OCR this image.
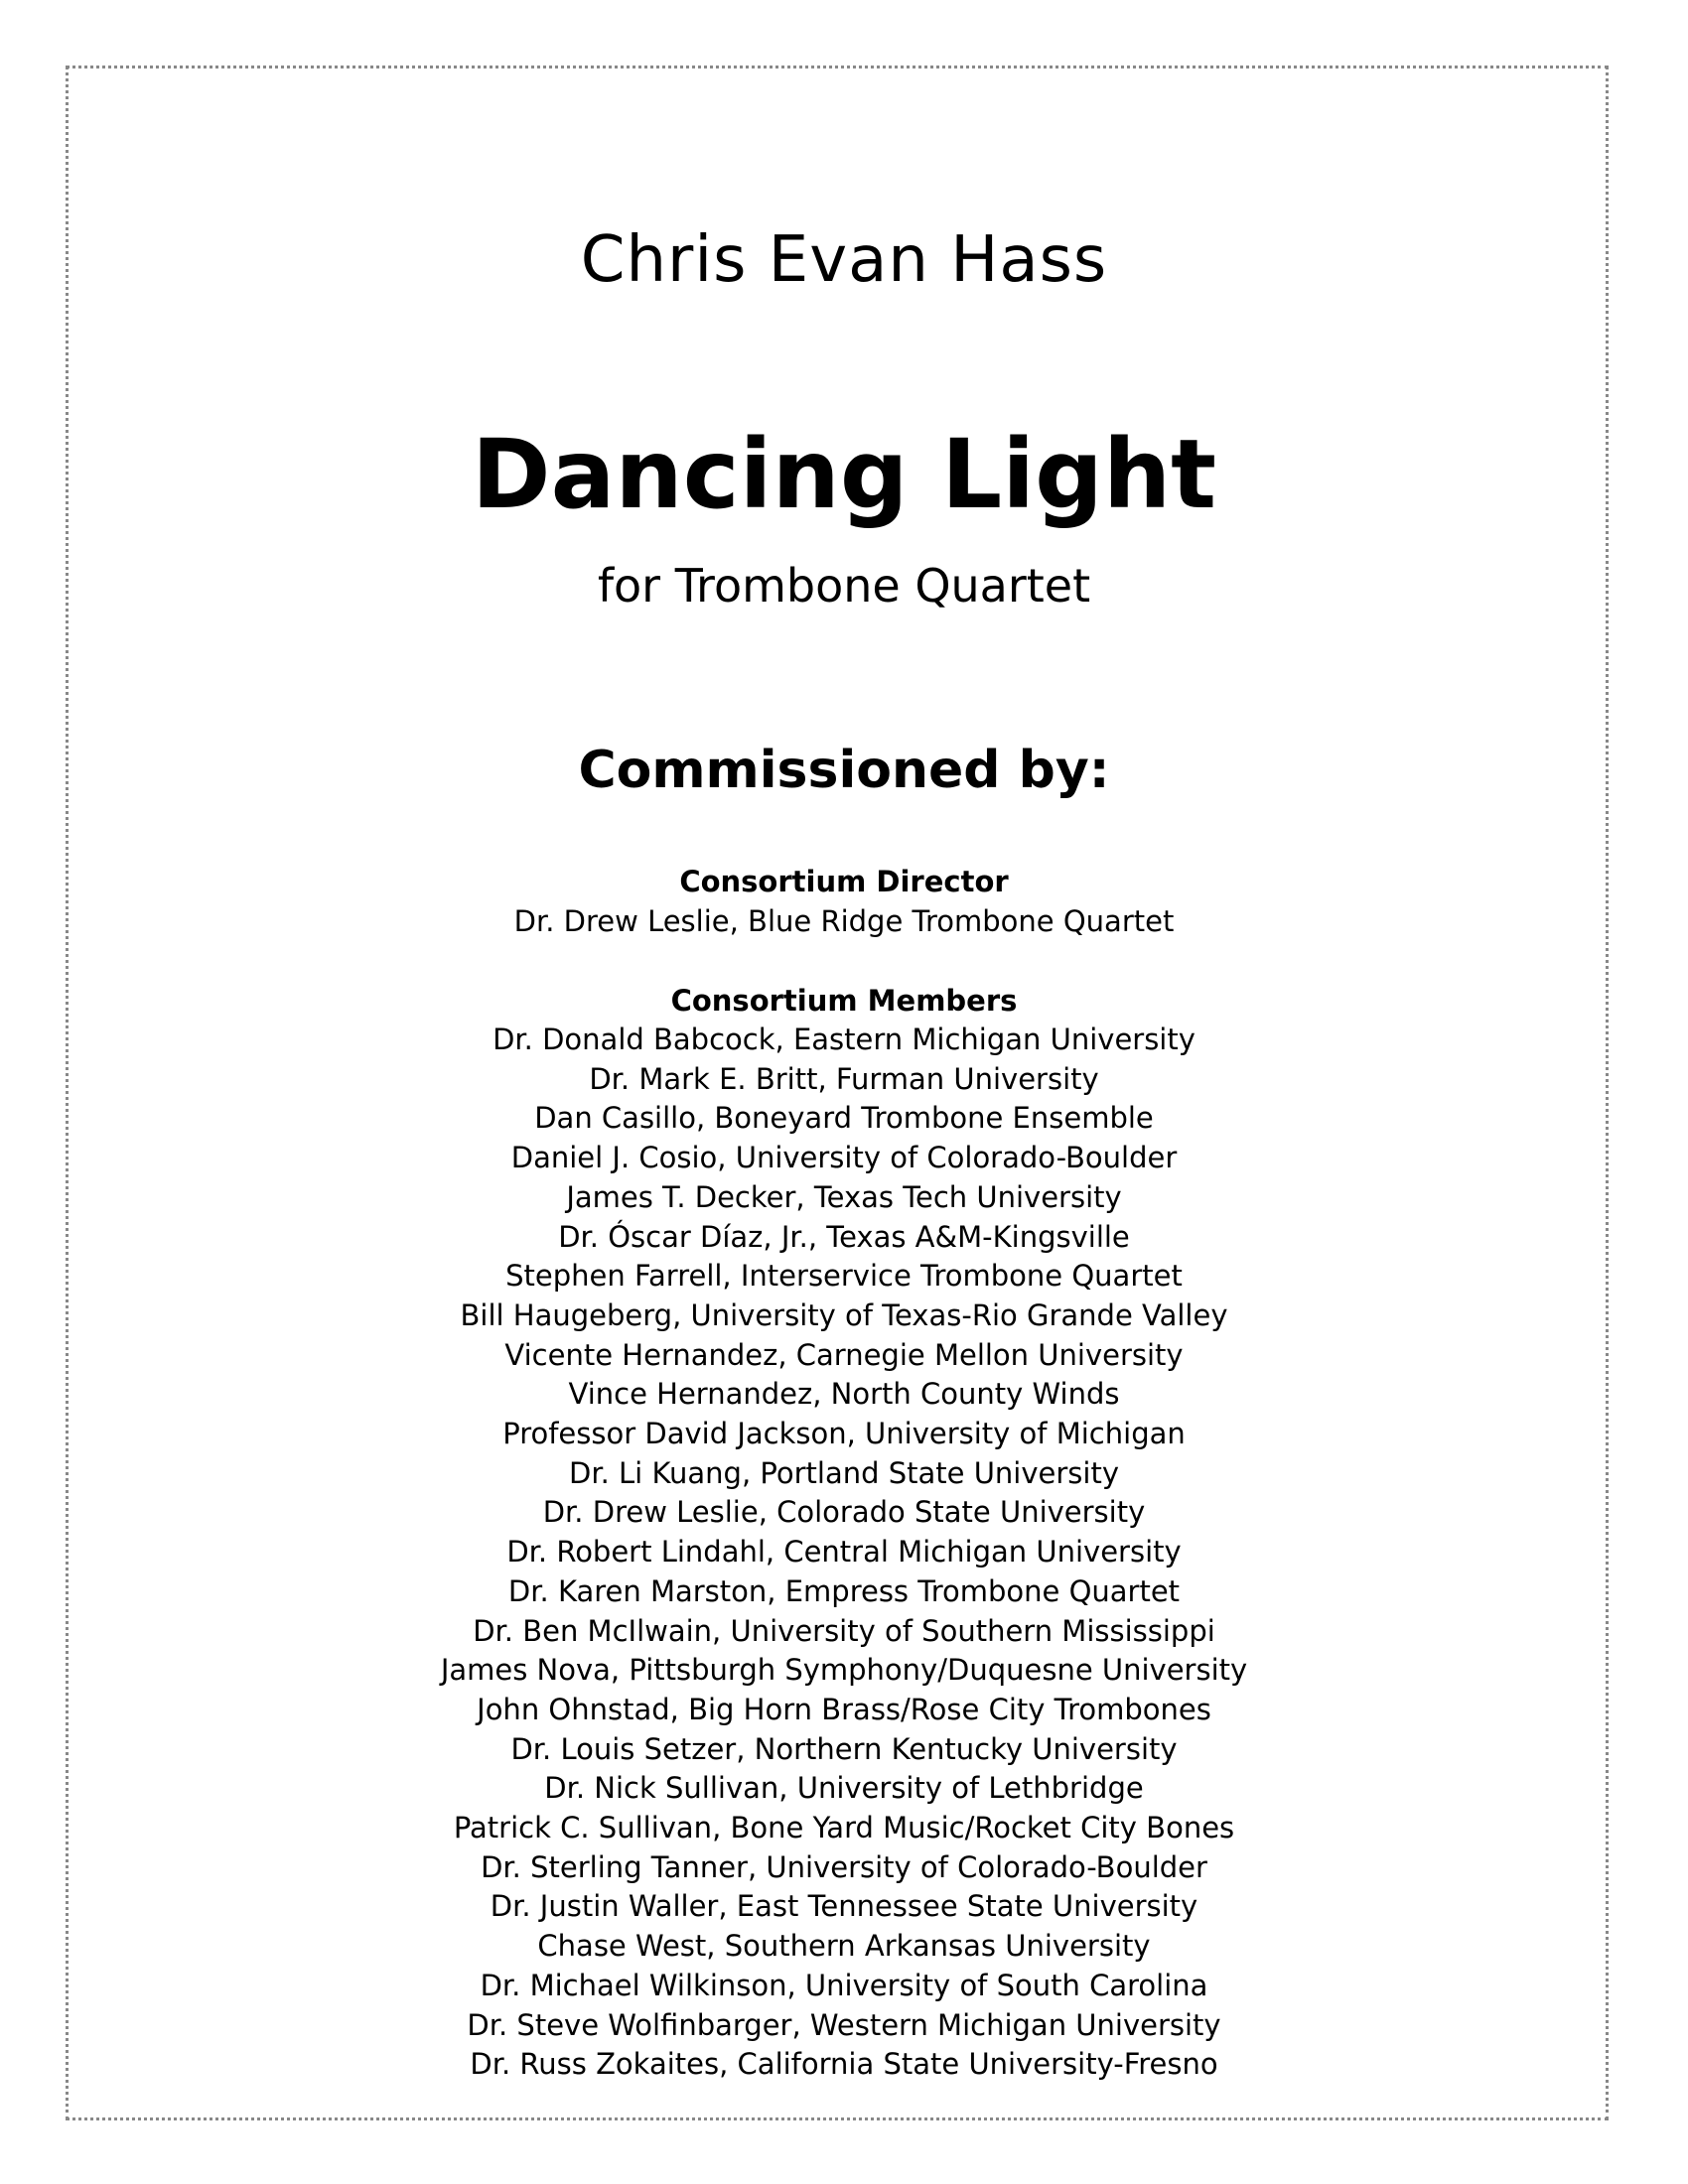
Chris Evan Hass
Dancing Light
for Trombone Quartet
Commissioned by:
Consortium Director
Dr. Drew Leslie, Blue Ridge Trombone Quartet
Consortium Members
Dr. Donald Babcock, Eastern Michigan University
Dr. Mark E. Britt, Furman University
Dan Casillo, Boneyard Trombone Ensemble
Daniel J. Cosio, University of Colorado-Boulder
James T. Decker, Texas Tech University
Dr. Óscar Díaz, Jr., Texas A&M-Kingsville
Stephen Farrell, Interservice Trombone Quartet
Bill Haugeberg, University of Texas-Rio Grande Valley
Vicente Hernandez, Carnegie Mellon University
Vince Hernandez, North County Winds
Professor David Jackson, University of Michigan
Dr. Li Kuang, Portland State University
Dr. Drew Leslie, Colorado State University
Dr. Robert Lindahl, Central Michigan University
Dr. Karen Marston, Empress Trombone Quartet
Dr. Ben McIlwain, University of Southern Mississippi
James Nova, Pittsburgh Symphony/Duquesne University
John Ohnstad, Big Horn Brass/Rose City Trombones
Dr. Louis Setzer, Northern Kentucky University
Dr. Nick Sullivan, University of Lethbridge
Patrick C. Sullivan, Bone Yard Music/Rocket City Bones
Dr. Sterling Tanner, University of Colorado-Boulder
Dr. Justin Waller, East Tennessee State University
Chase West, Southern Arkansas University
Dr. Michael Wilkinson, University of South Carolina
Dr. Steve Wolfinbarger, Western Michigan University
Dr. Russ Zokaites, California State University-Fresno
